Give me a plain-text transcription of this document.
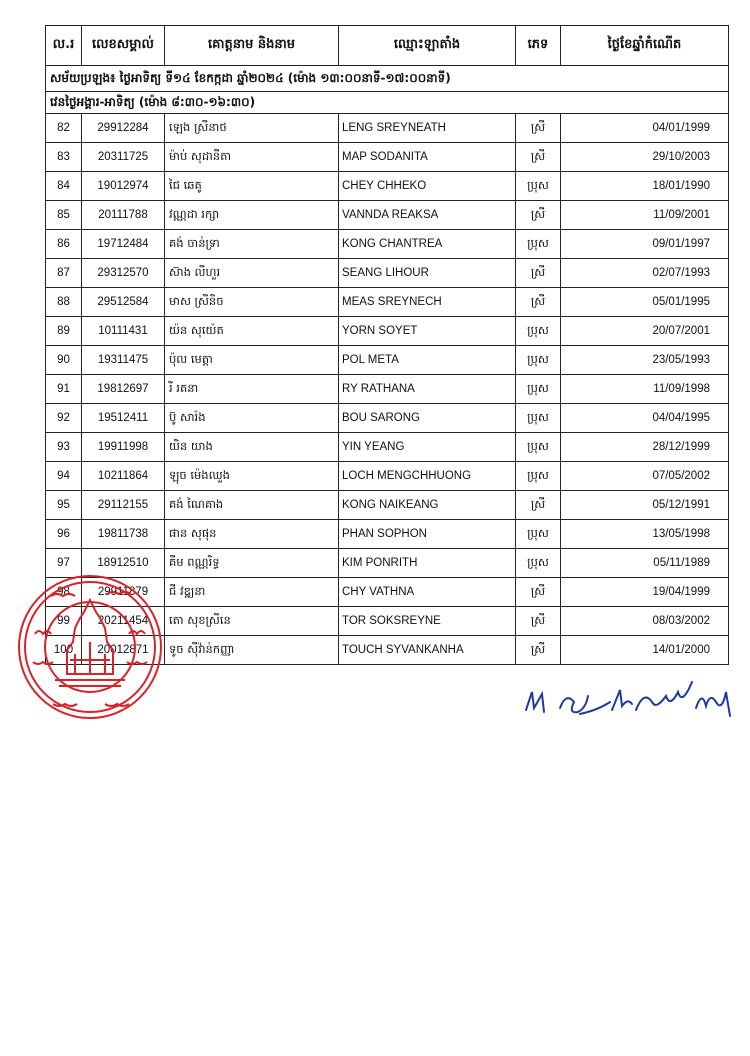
ល.រ	លេខសម្គាល់	គោត្តនាម និងនាម	ឈ្មោះឡាតាំង	ភេទ	ថ្ងៃខែឆ្នាំកំណើត
សម័យប្រឡង៖ ថ្ងៃអាទិត្យ ទី១៤ ខែកក្កដា ឆ្នាំ២០២៤ (ម៉ោង ១៣:០០នាទី-១៧:០០នាទី)					
វេនថ្ងៃអង្គារ-អាទិត្យ (ម៉ោង ៨:៣០-១៦:៣០)					
82	29912284	ឡេង ស្រីនាថ	LENG SREYNEATH	ស្រី	04/01/1999
83	20311725	ម៉ាប់ សុដានីតា	MAP SODANITA	ស្រី	29/10/2003
84	19012974	ជៃ ឆេគូ	CHEY CHHEKO	ប្រុស	18/01/1990
85	20111788	វណ្ណដា រក្សា	VANNDA REAKSA	ស្រី	11/09/2001
86	19712484	គង់ ចាន់ទ្រា	KONG CHANTREA	ប្រុស	09/01/1997
87	29312570	ស៊ាង លីហួរ	SEANG LIHOUR	ស្រី	02/07/1993
88	29512584	មាស ស្រីនិច	MEAS SREYNECH	ស្រី	05/01/1995
89	10111431	យ៉ន សុយ៉េត	YORN SOYET	ប្រុស	20/07/2001
90	19311475	ប៉ុល មេត្តា	POL META	ប្រុស	23/05/1993
91	19812697	រី រតនា	RY RATHANA	ប្រុស	11/09/1998
92	19512411	ប៊ូ សារ៉ង	BOU SARONG	ប្រុស	04/04/1995
93	19911998	យិន យាង	YIN YEANG	ប្រុស	28/12/1999
94	10211864	ឡុច ម៉េងឈួង	LOCH MENGCHHUONG	ប្រុស	07/05/2002
95	29112155	គង់ ណៃគាង	KONG NAIKEANG	ស្រី	05/12/1991
96	19811738	ផាន សុផុន	PHAN SOPHON	ប្រុស	13/05/1998
97	18912510	គីម ពណ្ណរិទ្ធ	KIM PONRITH	ប្រុស	05/11/1989
98	29911879	ជី វឌ្ឍនា	CHY VATHNA	ស្រី	19/04/1999
99	20211454	តោ សុខស្រីនេ	TOR SOKSREYNE	ស្រី	08/03/2002
100	20012871	ទូច ស៊ីវ៉ាន់កញ្ញា	TOUCH SYVANKANHA	ស្រី	14/01/2000
